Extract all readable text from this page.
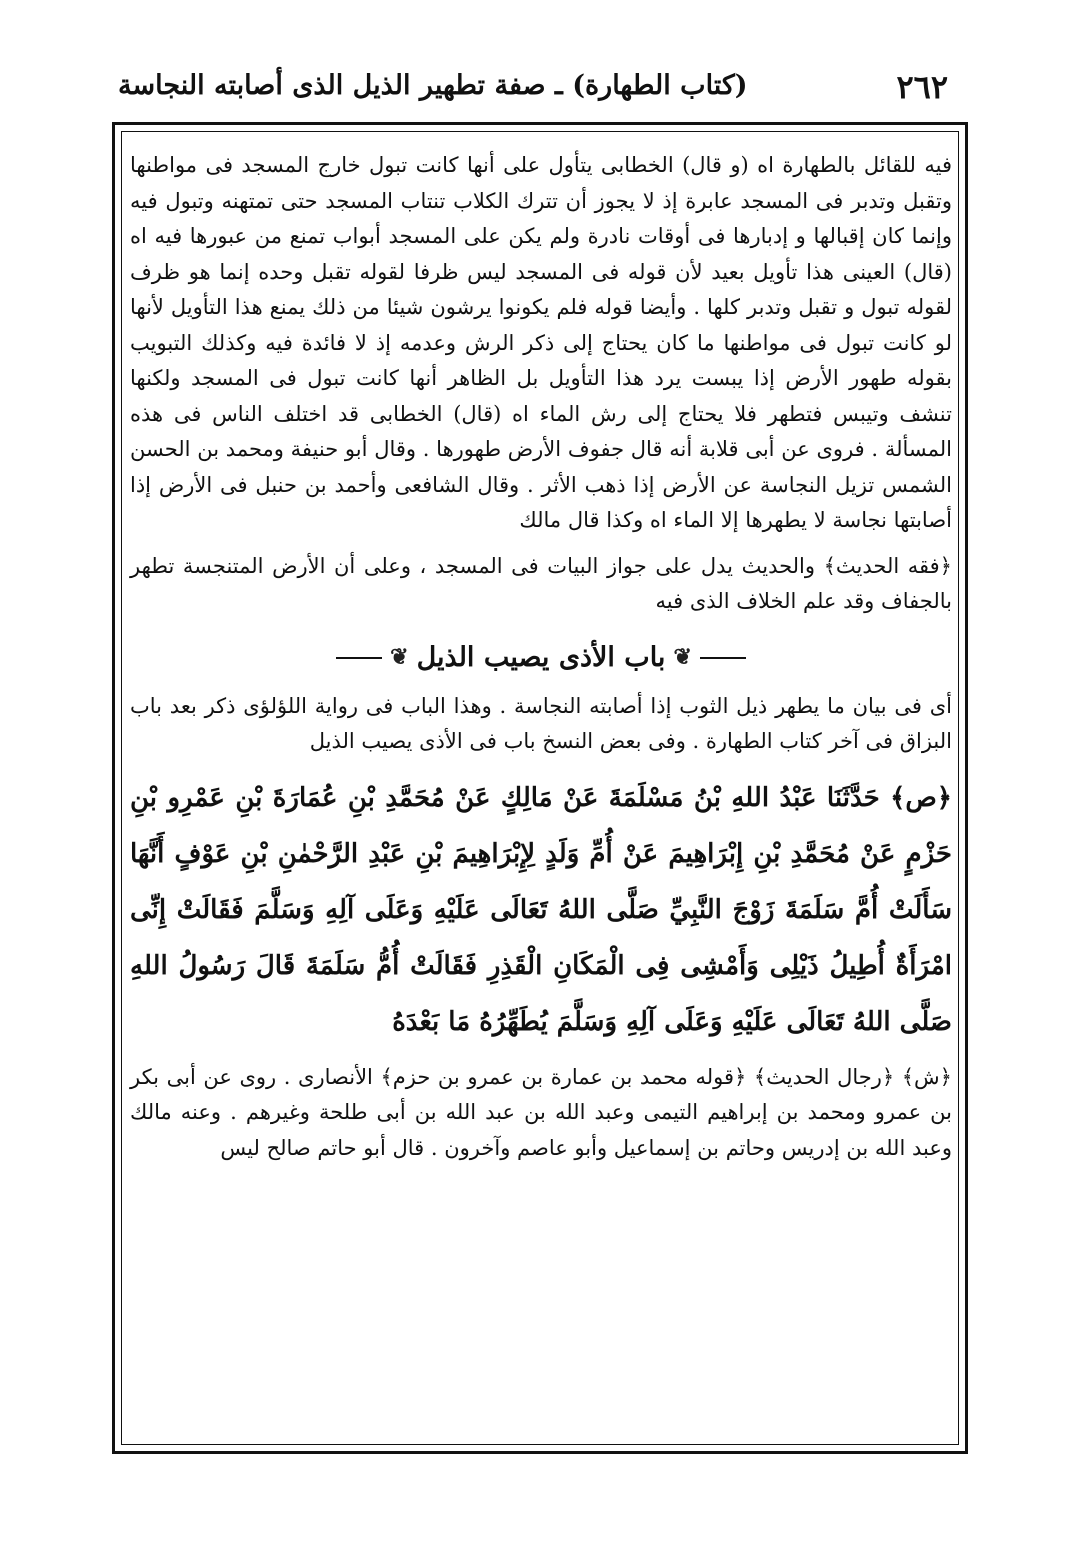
٢٦٢
(كتاب الطهارة) ـ صفة تطهير الذيل الذى أصابته النجاسة

فيه للقائل بالطهارة اه (و قال) الخطابى يتأول على أنها كانت تبول خارج المسجد فى مواطنها وتقبل وتدبر فى المسجد عابرة إذ لا يجوز أن تترك الكلاب تنتاب المسجد حتى تمتهنه وتبول فيه وإنما كان إقبالها و إدبارها فى أوقات نادرة ولم يكن على المسجد أبواب تمنع من عبورها فيه اه (قال) العينى هذا تأويل بعيد لأن قوله فى المسجد ليس ظرفا لقوله تقبل وحده إنما هو ظرف لقوله تبول و تقبل وتدبر كلها . وأيضا قوله فلم يكونوا يرشون شيئا من ذلك يمنع هذا التأويل لأنها لو كانت تبول فى مواطنها ما كان يحتاج إلى ذكر الرش وعدمه إذ لا فائدة فيه وكذلك التبويب بقوله طهور الأرض إذا يبست يرد هذا التأويل بل الظاهر أنها كانت تبول فى المسجد ولكنها تنشف وتيبس فتطهر فلا يحتاج إلى رش الماء اه (قال) الخطابى قد اختلف الناس فى هذه المسألة . فروى عن أبى قلابة أنه قال جفوف الأرض طهورها . وقال أبو حنيفة ومحمد بن الحسن الشمس تزيل النجاسة عن الأرض إذا ذهب الأثر . وقال الشافعى وأحمد بن حنبل فى الأرض إذا أصابتها نجاسة لا يطهرها إلا الماء اه وكذا قال مالك

﴿فقه الحديث﴾ والحديث يدل على جواز البيات فى المسجد ، وعلى أن الأرض المتنجسة تطهر بالجفاف وقد علم الخلاف الذى فيه

❦
باب الأذى يصيب الذيل
❦

أى فى بيان ما يطهر ذيل الثوب إذا أصابته النجاسة . وهذا الباب فى رواية اللؤلؤى ذكر بعد باب البزاق فى آخر كتاب الطهارة . وفى بعض النسخ باب فى الأذى يصيب الذيل

﴿ص﴾ حَدَّثَنَا عَبْدُ اللهِ بْنُ مَسْلَمَةَ عَنْ مَالِكٍ عَنْ مُحَمَّدِ بْنِ عُمَارَةَ بْنِ عَمْرِو بْنِ حَزْمٍ عَنْ مُحَمَّدِ بْنِ إِبْرَاهِيمَ عَنْ أُمِّ وَلَدٍ لِإِبْرَاهِيمَ بْنِ عَبْدِ الرَّحْمٰنِ بْنِ عَوْفٍ أَنَّهَا سَأَلَتْ أُمَّ سَلَمَةَ زَوْجَ النَّبِيِّ صَلَّى اللهُ تَعَالَى عَلَيْهِ وَعَلَى آلِهِ وَسَلَّمَ فَقَالَتْ إِنِّى امْرَأَةٌ أُطِيلُ ذَيْلِى وَأَمْشِى فِى الْمَكَانِ الْقَذِرِ فَقَالَتْ أُمُّ سَلَمَةَ قَالَ رَسُولُ اللهِ صَلَّى اللهُ تَعَالَى عَلَيْهِ وَعَلَى آلِهِ وَسَلَّمَ يُطَهِّرُهُ مَا بَعْدَهُ

﴿ش﴾ ﴿رجال الحديث﴾ ﴿قوله محمد بن عمارة بن عمرو بن حزم﴾ الأنصارى . روى عن أبى بكر بن عمرو ومحمد بن إبراهيم التيمى وعبد الله بن عبد الله بن أبى طلحة وغيرهم . وعنه مالك وعبد الله بن إدريس وحاتم بن إسماعيل وأبو عاصم وآخرون . قال أبو حاتم صالح ليس
